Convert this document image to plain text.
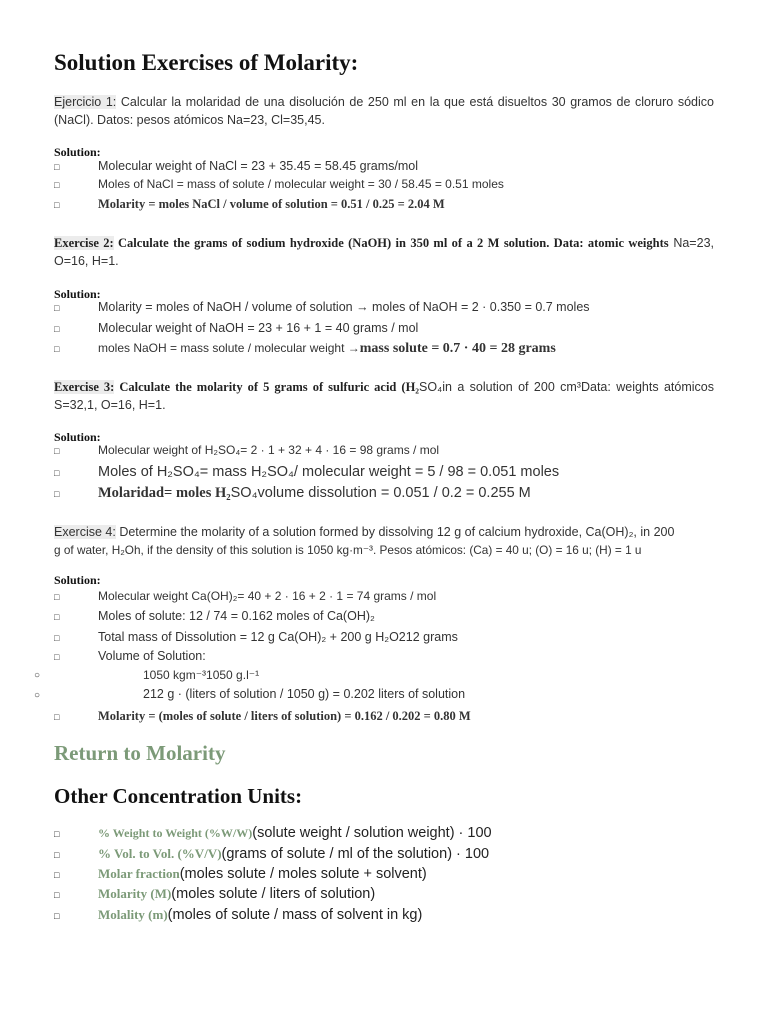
Solution Exercises of Molarity:
Ejercicio 1: Calcular la molaridad de una disolución de 250 ml en la que está disueltos 30 gramos de cloruro sódico (NaCl). Datos: pesos atómicos Na=23, Cl=35,45.
Solution:
□	Molecular weight of NaCl = 23 + 35.45 = 58.45 grams/mol
□	Moles of NaCl = mass of solute / molecular weight = 30 / 58.45 = 0.51 moles
□	Molarity = moles NaCl / volume of solution = 0.51 / 0.25 = 2.04 M
Exercise 2: Calculate the grams of sodium hydroxide (NaOH) in 350 ml of a 2 M solution. Data: atomic weights Na=23, O=16, H=1.
Solution:
□	Molarity = moles of NaOH / volume of solution → moles of NaOH = 2 · 0.350 = 0.7 moles
□	Molecular weight of NaOH = 23 + 16 + 1 = 40 grams / mol
□	moles NaOH = mass solute / molecular weight →mass solute = 0.7 · 40 = 28 grams
Exercise 3: Calculate the molarity of 5 grams of sulfuric acid (H₂SO₄in a solution of 200 cm³Data: weights atómicos S=32,1, O=16, H=1.
Solution:
□	Molecular weight of H₂SO₄= 2 · 1 + 32 + 4 · 16 = 98 grams / mol
□	Moles of H₂SO₄= mass H₂SO₄/ molecular weight = 5 / 98 = 0.051 moles
□	Molaridad= moles H₂SO₄volume dissolution = 0.051 / 0.2 = 0.255 M
Exercise 4: Determine the molarity of a solution formed by dissolving 12 g of calcium hydroxide, Ca(OH)₂, in 200
g of water, H₂Oh, if the density of this solution is 1050 kg·m⁻³. Pesos atómicos: (Ca) = 40 u; (O) = 16 u; (H) = 1 u
Solution:
□	Molecular weight Ca(OH)₂= 40 + 2 · 16 + 2 · 1 = 74 grams / mol
□	Moles of solute: 12 / 74 = 0.162 moles of Ca(OH)₂
□	Total mass of Dissolution = 12 g Ca(OH)₂ + 200 g H₂O212 grams
□	Volume of Solution:
○	1050 kgm⁻³1050 g.l⁻¹
○	212 g · (liters of solution / 1050 g) = 0.202 liters of solution
□	Molarity = (moles of solute / liters of solution) = 0.162 / 0.202 = 0.80 M
Return to Molarity
Other Concentration Units:
□	% Weight to Weight (%W/W)(solute weight / solution weight) · 100
□	% Vol. to Vol. (%V/V)(grams of solute / ml of the solution) · 100
□	Molar fraction(moles solute / moles solute + solvent)
□	Molarity (M)(moles solute / liters of solution)
□	Molality (m)(moles of solute / mass of solvent in kg)
